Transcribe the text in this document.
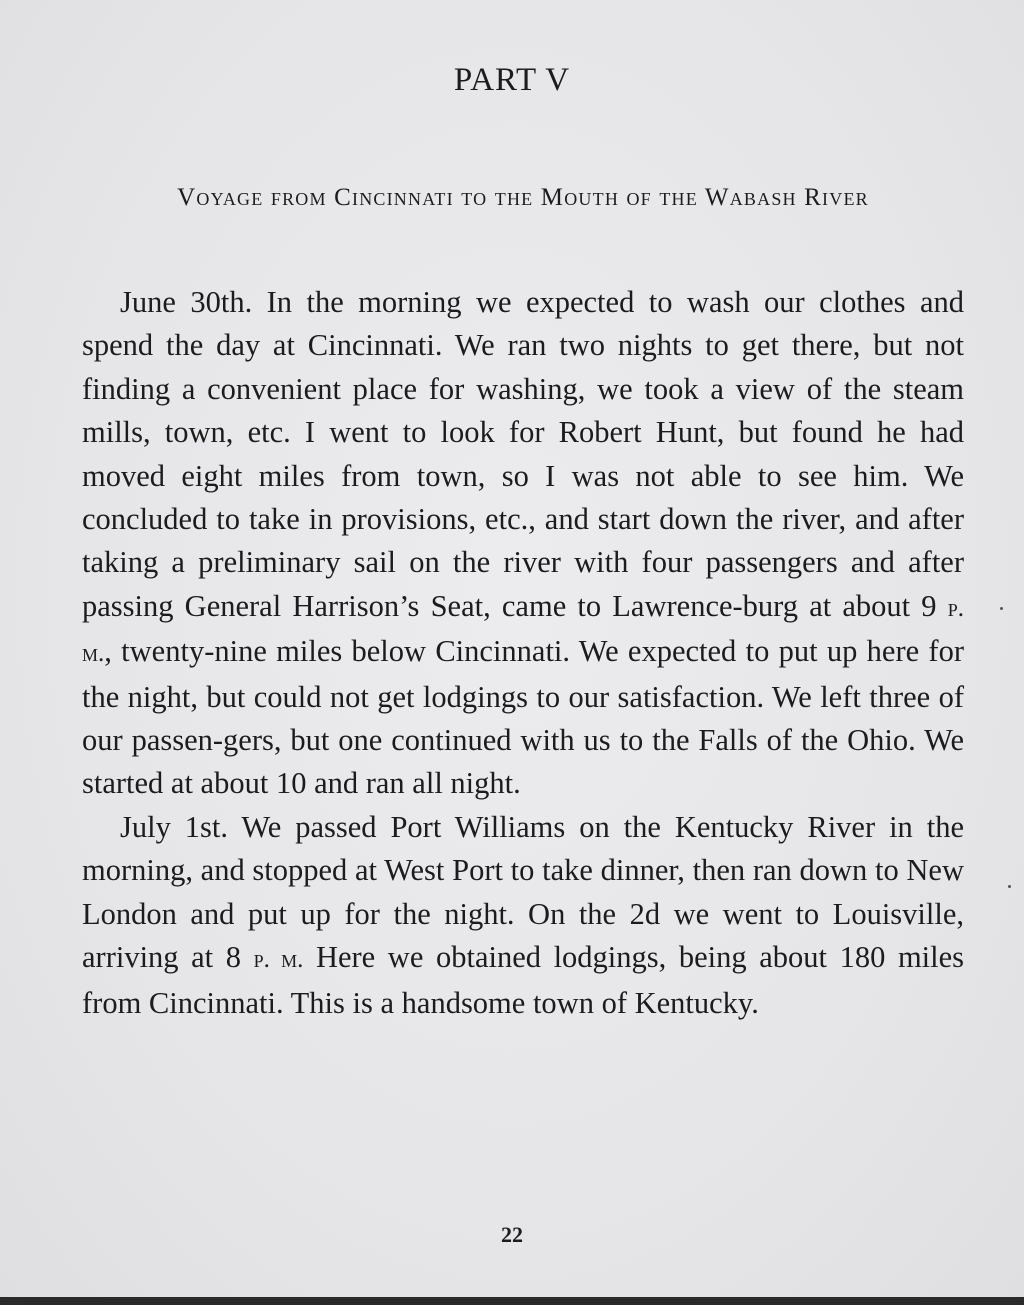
PART V
Voyage from Cincinnati to the Mouth of the Wabash River

June 30th. In the morning we expected to wash our clothes and spend the day at Cincinnati. We ran two nights to get there, but not finding a convenient place for washing, we took a view of the steam mills, town, etc. I went to look for Robert Hunt, but found he had moved eight miles from town, so I was not able to see him. We concluded to take in provisions, etc., and start down the river, and after taking a preliminary sail on the river with four passengers and after passing General Harrison’s Seat, came to Lawrence-burg at about 9 p. m., twenty-nine miles below Cincinnati. We expected to put up here for the night, but could not get lodgings to our satisfaction. We left three of our passen-gers, but one continued with us to the Falls of the Ohio. We started at about 10 and ran all night.

July 1st. We passed Port Williams on the Kentucky River in the morning, and stopped at West Port to take dinner, then ran down to New London and put up for the night. On the 2d we went to Louisville, arriving at 8 p. m. Here we obtained lodgings, being about 180 miles from Cincinnati. This is a handsome town of Kentucky.

22
